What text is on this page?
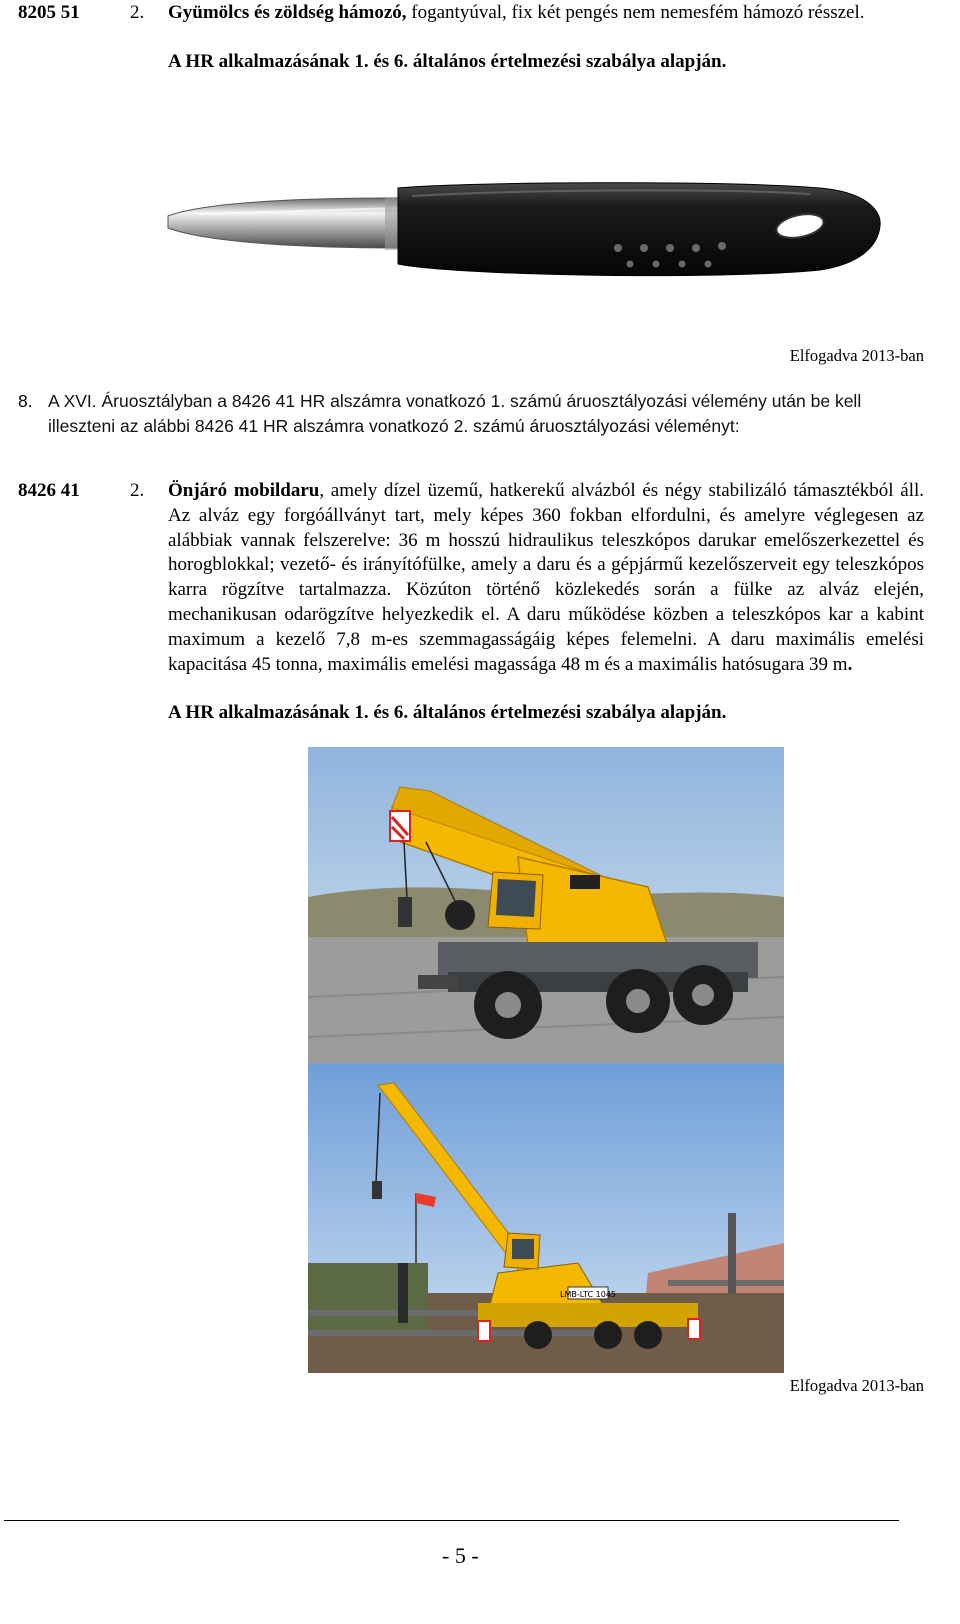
8205 51	2. Gyümölcs és zöldség hámozó, fogantyúval, fix két pengés nem nemesfém hámozó résszel.
A HR alkalmazásának 1. és 6. általános értelmezési szabálya alapján.
Elfogadva 2013-ban
8. A XVI. Áruosztályban a 8426 41 HR alszámra vonatkozó 1. számú áruosztályozási vélemény után be kell illeszteni az alábbi 8426 41 HR alszámra vonatkozó 2. számú áruosztályozási véleményt:
8426 41	2. Önjáró mobildaru, amely dízel üzemű, hatkerekű alvázból és négy stabilizáló támasztékból áll. Az alváz egy forgóállványt tart, mely képes 360 fokban elfordulni, és amelyre véglegesen az alábbiak vannak felszerelve: 36 m hosszú hidraulikus teleszkópos darukar emelőszerkezettel és horogblokkal; vezető- és irányítófülke, amely a daru és a gépjármű kezelőszerveit egy teleszkópos karra rögzítve tartalmazza. Közúton történő közlekedés során a fülke az alváz elején, mechanikusan odarögzítve helyezkedik el. A daru működése közben a teleszkópos kar a kabint maximum a kezelő 7,8 m-es szemmagasságáig képes felemelni. A daru maximális emelési kapacitása 45 tonna, maximális emelési magassága 48 m és a maximális hatósugara 39 m.
A HR alkalmazásának 1. és 6. általános értelmezési szabálya alapján.
LMB-LTC 1045
Elfogadva 2013-ban
- 5 -
